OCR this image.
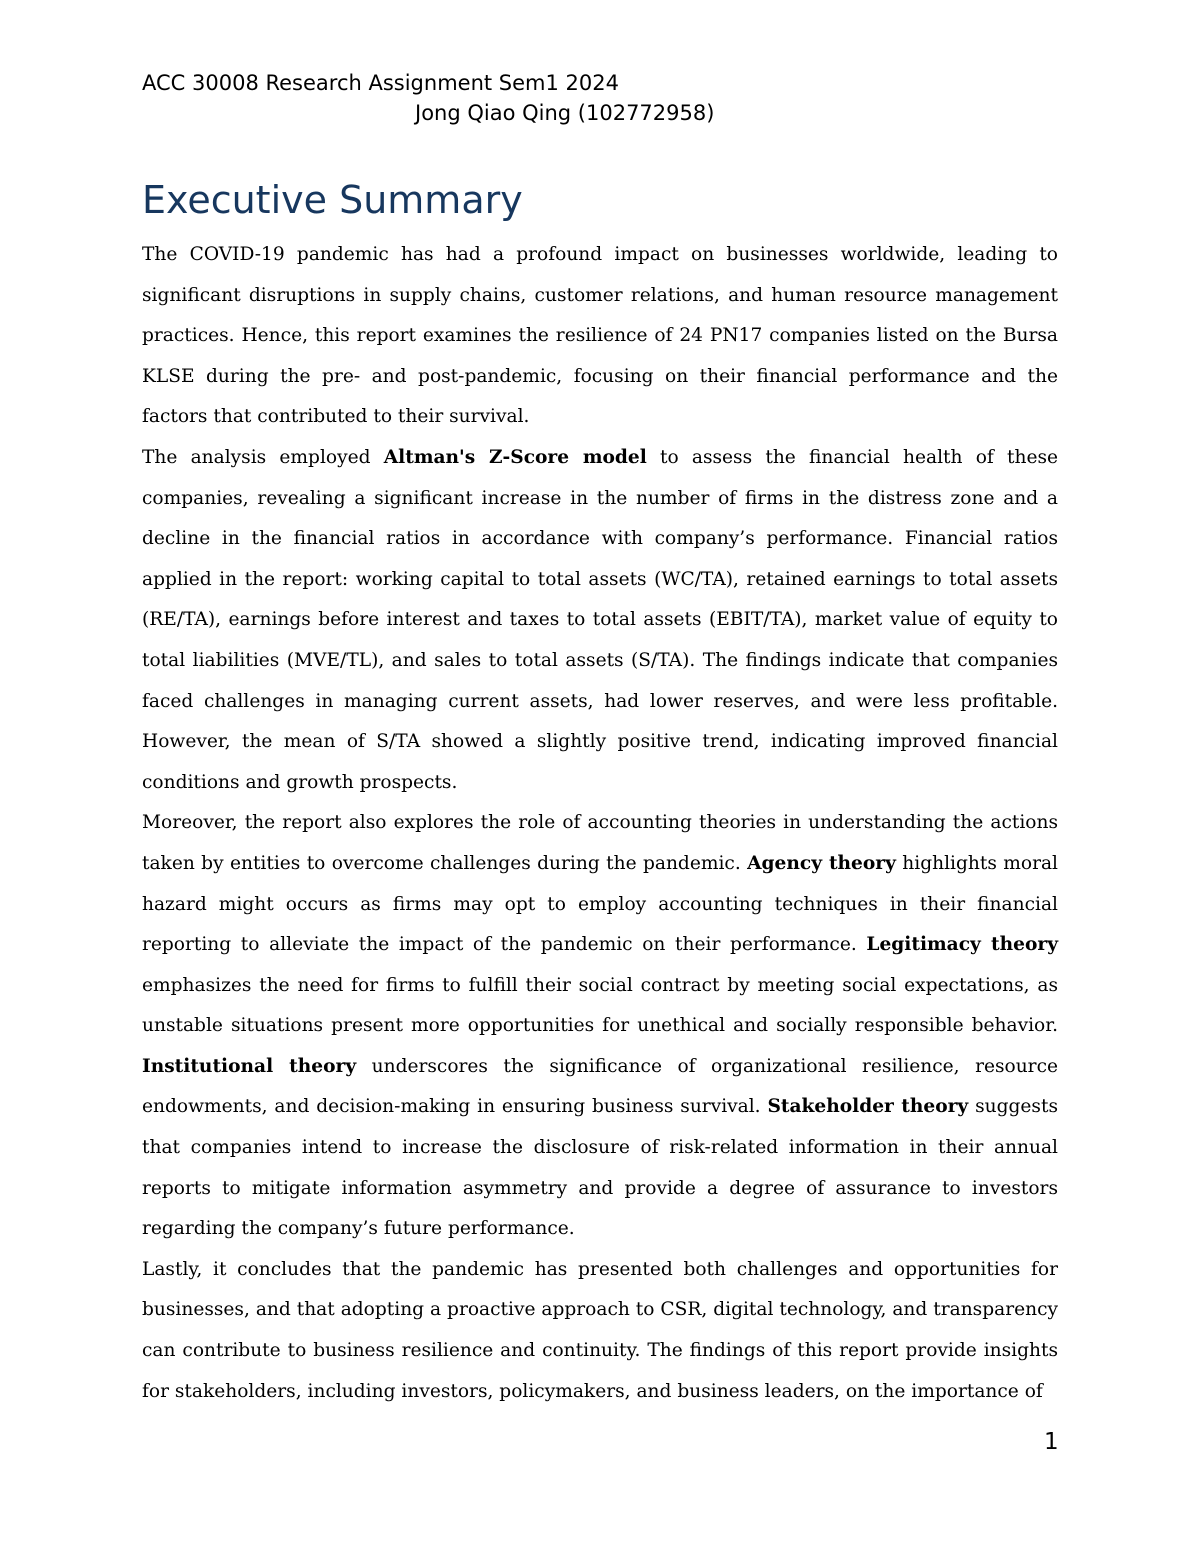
ACC 30008 Research Assignment Sem1 2024
Jong Qiao Qing (102772958)
Executive Summary

The COVID-19 pandemic has had a profound impact on businesses worldwide, leading to significant disruptions in supply chains, customer relations, and human resource management practices. Hence, this report examines the resilience of 24 PN17 companies listed on the Bursa KLSE during the pre- and post-pandemic, focusing on their financial performance and the factors that contributed to their survival.

The analysis employed Altman's Z-Score model to assess the financial health of these companies, revealing a significant increase in the number of firms in the distress zone and a decline in the financial ratios in accordance with company’s performance. Financial ratios applied in the report: working capital to total assets (WC/TA), retained earnings to total assets (RE/TA), earnings before interest and taxes to total assets (EBIT/TA), market value of equity to total liabilities (MVE/TL), and sales to total assets (S/TA). The findings indicate that companies faced challenges in managing current assets, had lower reserves, and were less profitable. However, the mean of S/TA showed a slightly positive trend, indicating improved financial conditions and growth prospects.

Moreover, the report also explores the role of accounting theories in understanding the actions taken by entities to overcome challenges during the pandemic. Agency theory highlights moral hazard might occurs as firms may opt to employ accounting techniques in their financial reporting to alleviate the impact of the pandemic on their performance. Legitimacy theory emphasizes the need for firms to fulfill their social contract by meeting social expectations, as unstable situations present more opportunities for unethical and socially responsible behavior. Institutional theory underscores the significance of organizational resilience, resource endowments, and decision-making in ensuring business survival. Stakeholder theory suggests that companies intend to increase the disclosure of risk-related information in their annual reports to mitigate information asymmetry and provide a degree of assurance to investors regarding the company’s future performance.

Lastly, it concludes that the pandemic has presented both challenges and opportunities for businesses, and that adopting a proactive approach to CSR, digital technology, and transparency can contribute to business resilience and continuity. The findings of this report provide insights for stakeholders, including investors, policymakers, and business leaders, on the importance of

1
